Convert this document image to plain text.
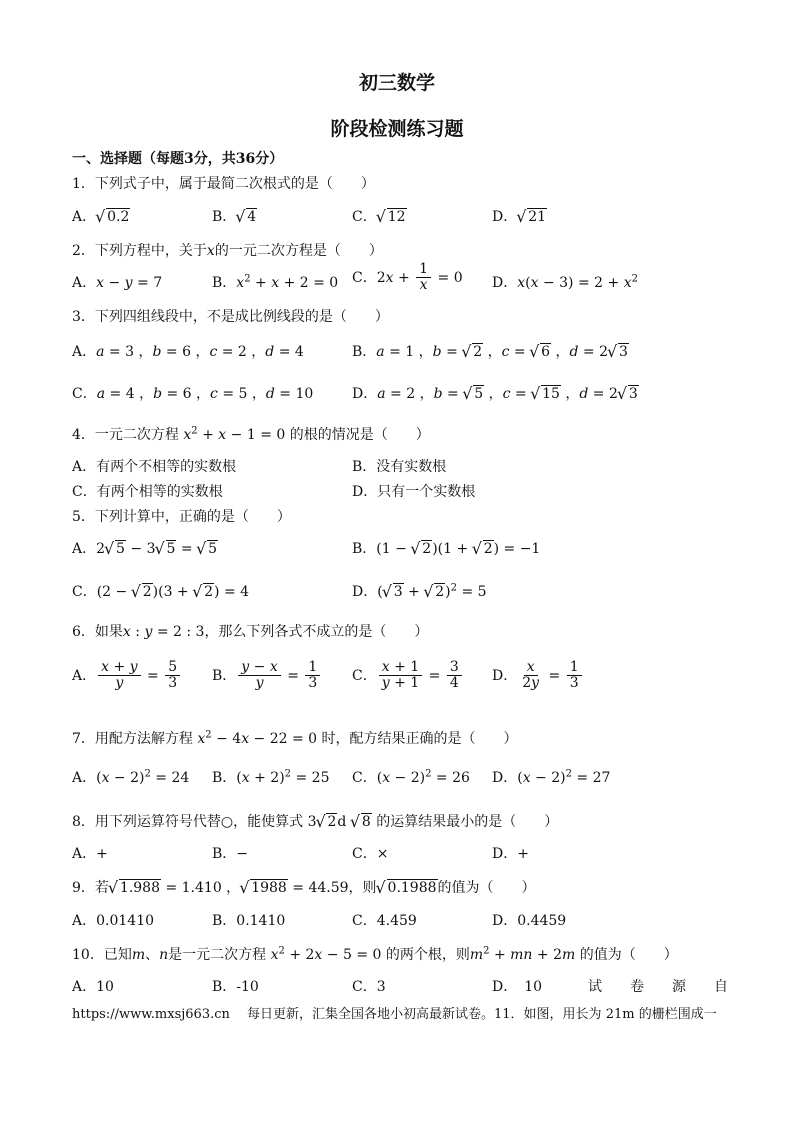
初三数学
阶段检测练习题
一、选择题（每题3分，共36分）
1．下列式子中，属于最简二次根式的是（　　）
A． √ 0.2	B． √ 4	C． √ 12	D． √ 21
2．下列方程中，关于x的一元二次方程是（　　）
A．x − y = 7	B．$x^2 + x + 2 = 0$ C．$2x + \frac{1}{x} = 0$ D．$x(x - 3) = 2 + x^2$
3．下列四组线段中，不是成比例线段的是（　　）
A．a = 3 ，b = 6 ，c = 2 ，d = 4	B．a = 1 ，b = √ 2 ，c = √ 6 ，d = 2 √ 3
C．a = 4 ，b = 6 ，c = 5 ，d = 10	D．a = 2 ，b = √ 5 ，c = √ 15 ，d = 2 √ 3
4．一元二次方程 $x^2 + x - 1 = 0$ 的根的情况是（　　）
A．有两个不相等的实数根	B．没有实数根
C．有两个相等的实数根	D．只有一个实数根
5．下列计算中，正确的是（　　）
A．2 √ 5 − 3 √ 5 = √ 5	B．(1 − √ 2)(1 + √ 2) = −1
C．(2 − √ 2)(3 + √ 2) = 4	D．( √ 3 + √ 2)$^2$ = 5
6．如果x : y = 2 : 3，那么下列各式不成立的是（　　）
A． $\frac{x + y}{y} = \frac{5}{3}$ B． $\frac{y - x}{y} = \frac{1}{3}$ C． $\frac{x + 1}{y + 1} = \frac{3}{4}$ D． $\frac{x}{2y} = \frac{1}{3}$
7．用配方法解方程 $x^2 - 4x - 22 = 0$ 时，配方结果正确的是（　　）
A．$(x - 2)^2 = 24$ B．$(x + 2)^2 = 25$ C．$(x - 2)^2 = 26$ D．$(x - 2)^2 = 27$
8．用下列运算符号代替○，能使算式 3 √ 2d √ 8 的运算结果最小的是（　　）
A．+	B．−	C．×	D．+
9．若 √ 1.988 = 1.410 ， √ 1988 = 44.59，则 √ 0.1988的值为（　　）
A．0.01410	B．0.1410	C．4.459	D．0.4459
10．已知m、n是一元二次方程 $x^2 + 2x - 5 = 0$ 的两个根，则$m^2$ + mn + 2m 的值为（　　）
A．10	B．-10	C．3	D．　10	试　　卷　　源　　自
https://www.mxsj663.cn　 每日更新，汇集全国各地小初高最新试卷。11．如图，用长为 21m 的栅栏围成一
